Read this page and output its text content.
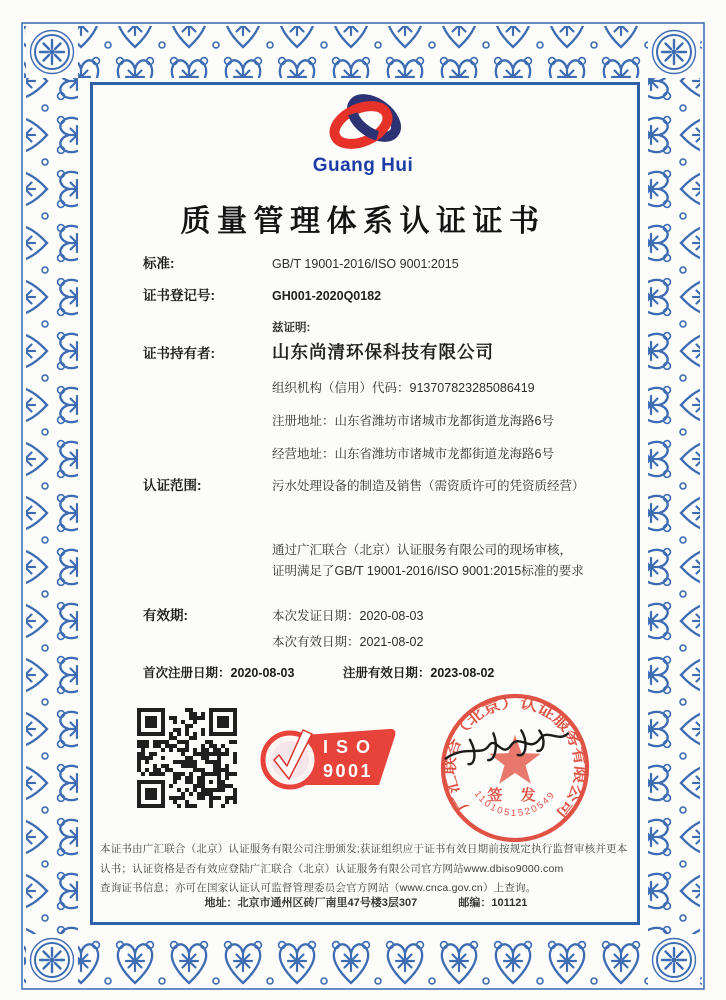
Guang Hui
质量管理体系认证证书
标准:	GB/T 19001-2016/ISO 9001:2015
证书登记号:	GH001-2020Q0182
兹证明:
证书持有者:	山东尚清环保科技有限公司
组织机构（信用）代码：913707823285086419
注册地址：山东省潍坊市诸城市龙都街道龙海路6号
经营地址：山东省潍坊市诸城市龙都街道龙海路6号
认证范围:	污水处理设备的制造及销售（需资质许可的凭资质经营）
通过广汇联合（北京）认证服务有限公司的现场审核，
证明满足了GB/T 19001-2016/ISO 9001:2015标准的要求
有效期:	本次发证日期：2020-08-03
本次有效日期：2021-08-02
首次注册日期：2020-08-03	注册有效日期：2023-08-02
ISO
9001
广汇联合（北京）认证服务有限公司
签 发
1101051520549
本证书由广汇联合（北京）认证服务有限公司注册颁发;获证组织应于证书有效日期前按规定执行监督审核并更本
认书；认证资格是否有效应登陆广汇联合（北京）认证服务有限公司官方网站www.dbiso9000.com
查询证书信息；亦可在国家认证认可监督管理委员会官方网站（www.cnca.gov.cn）上查询。
地址：北京市通州区砖厂南里47号楼3层307	邮编：101121
